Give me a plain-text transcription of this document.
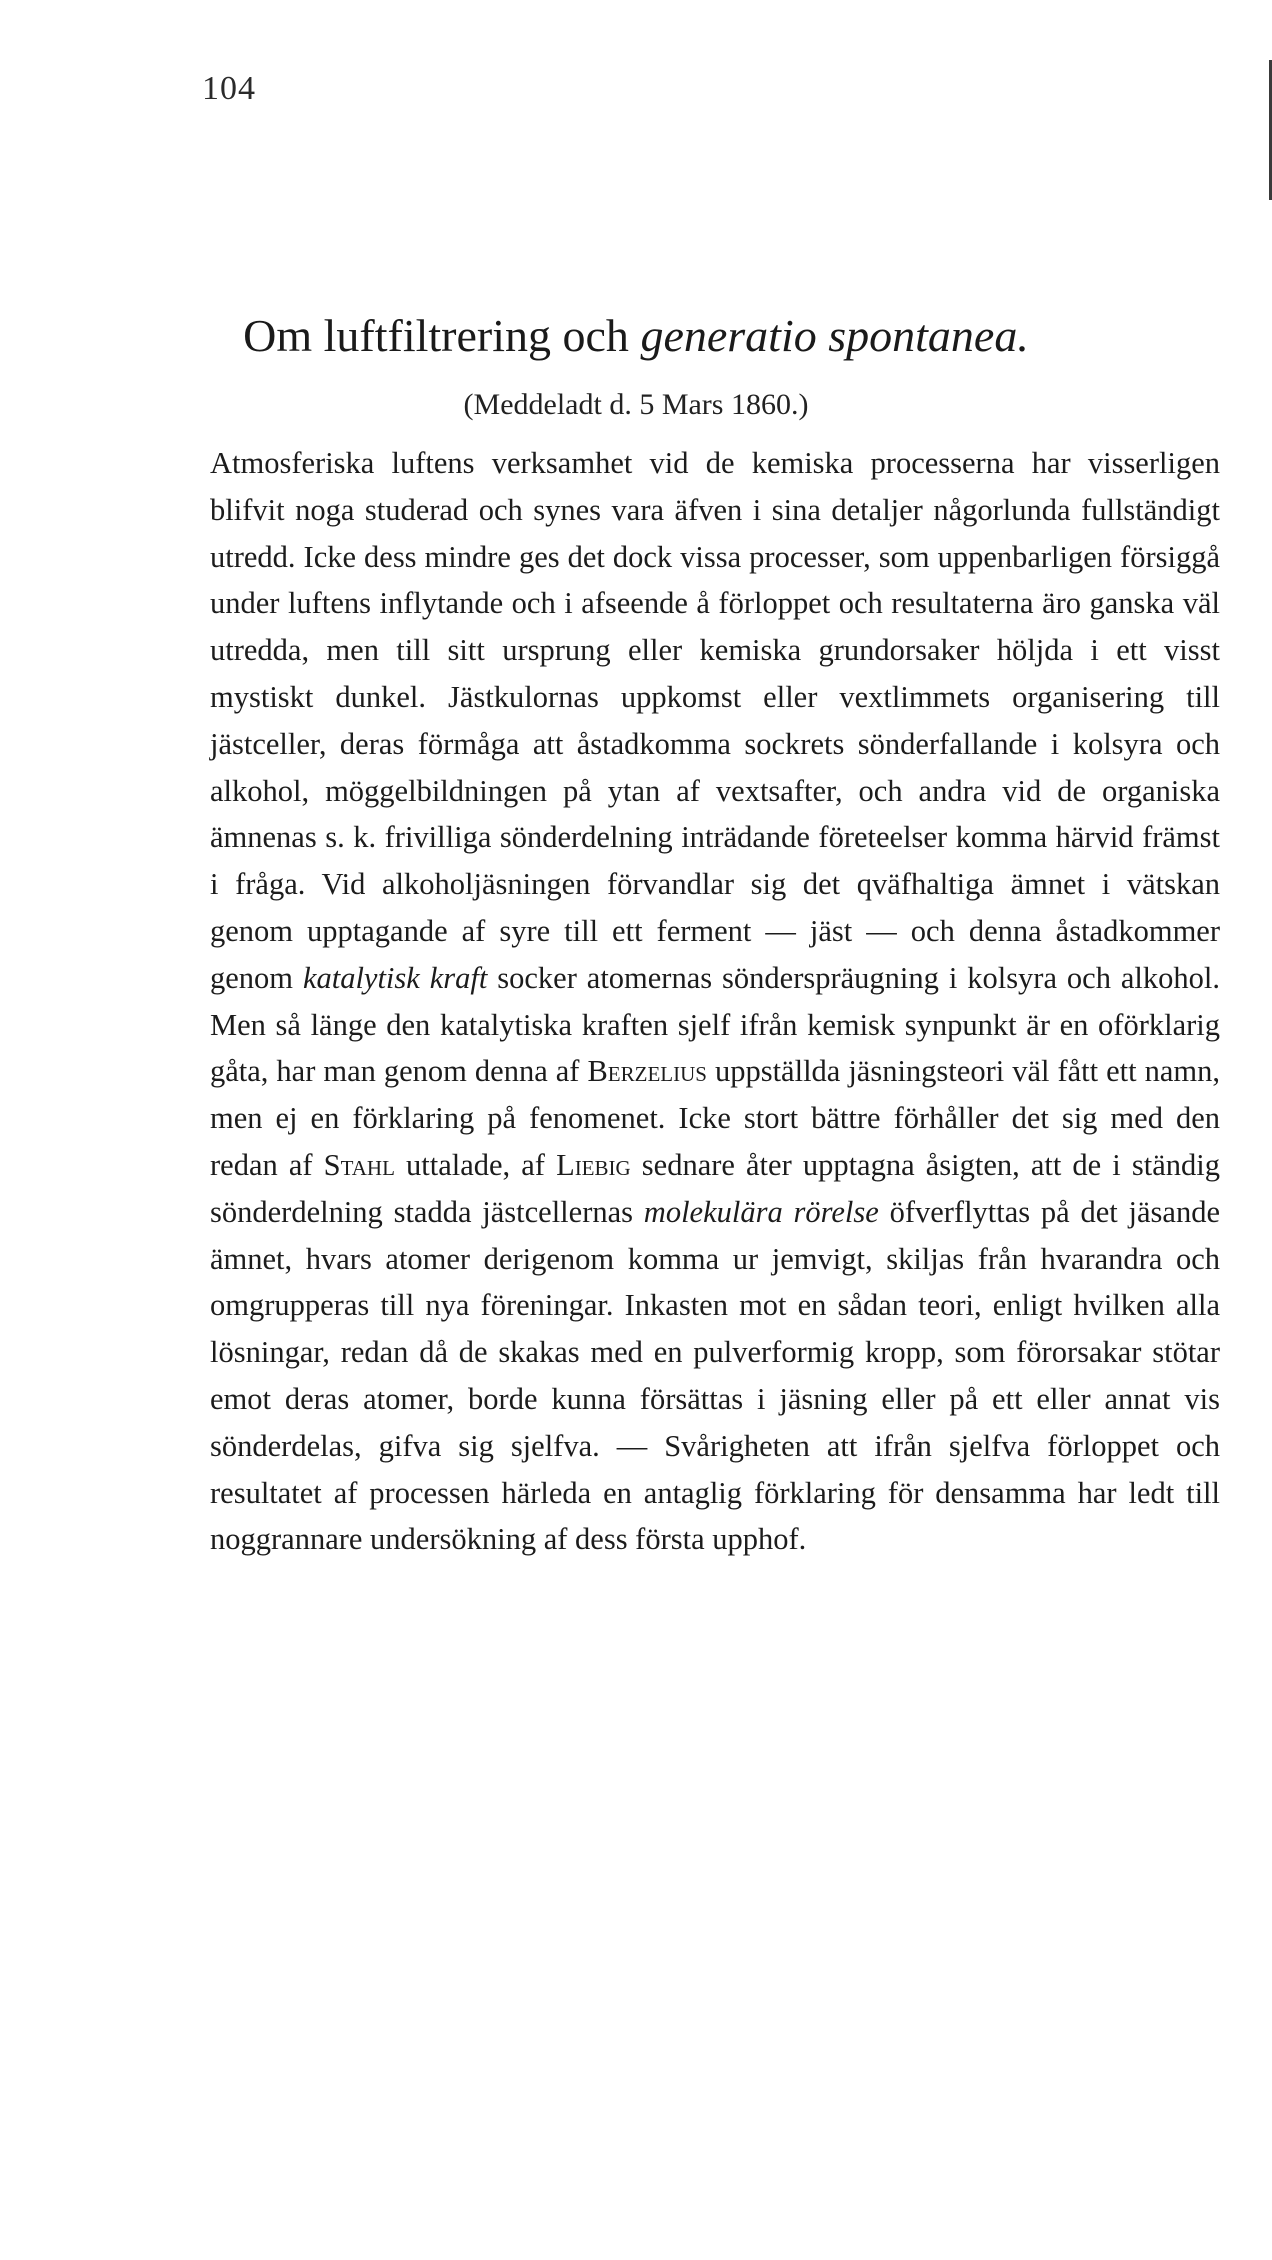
104
Om luftfiltrering och generatio spontanea.
(Meddeladt d. 5 Mars 1860.)

Atmosferiska luftens verksamhet vid de kemiska processerna har visserligen blifvit noga studerad och synes vara äfven i sina detaljer någorlunda fullständigt utredd. Icke dess mindre ges det dock vissa processer, som uppenbarligen försiggå under luftens inflytande och i afseende å förloppet och resultaterna äro ganska väl utredda, men till sitt ursprung eller kemiska grundorsaker höljda i ett visst mystiskt dunkel. Jästkulornas uppkomst eller vextlimmets organisering till jästceller, deras förmåga att åstadkomma sockrets sönderfallande i kolsyra och alkohol, möggelbildningen på ytan af vextsafter, och andra vid de organiska ämnenas s. k. frivilliga sönderdelning inträdande företeelser komma härvid främst i fråga. Vid alkoholjäsningen förvandlar sig det qväfhaltiga ämnet i vätskan genom upptagande af syre till ett ferment — jäst — och denna åstadkommer genom katalytisk kraft socker atomernas sönderspräugning i kolsyra och alkohol. Men så länge den katalytiska kraften sjelf ifrån kemisk synpunkt är en oförklarig gåta, har man genom denna af Berzelius uppställda jäsningsteori väl fått ett namn, men ej en förklaring på fenomenet. Icke stort bättre förhåller det sig med den redan af Stahl uttalade, af Liebig sednare åter upptagna åsigten, att de i ständig sönderdelning stadda jästcellernas molekulära rörelse öfverflyttas på det jäsande ämnet, hvars atomer derigenom komma ur jemvigt, skiljas från hvarandra och omgrupperas till nya föreningar. Inkasten mot en sådan teori, enligt hvilken alla lösningar, redan då de skakas med en pulverformig kropp, som förorsakar stötar emot deras atomer, borde kunna försättas i jäsning eller på ett eller annat vis sönderdelas, gifva sig sjelfva. — Svårigheten att ifrån sjelfva förloppet och resultatet af processen härleda en antaglig förklaring för densamma har ledt till noggrannare undersökning af dess första upphof.
